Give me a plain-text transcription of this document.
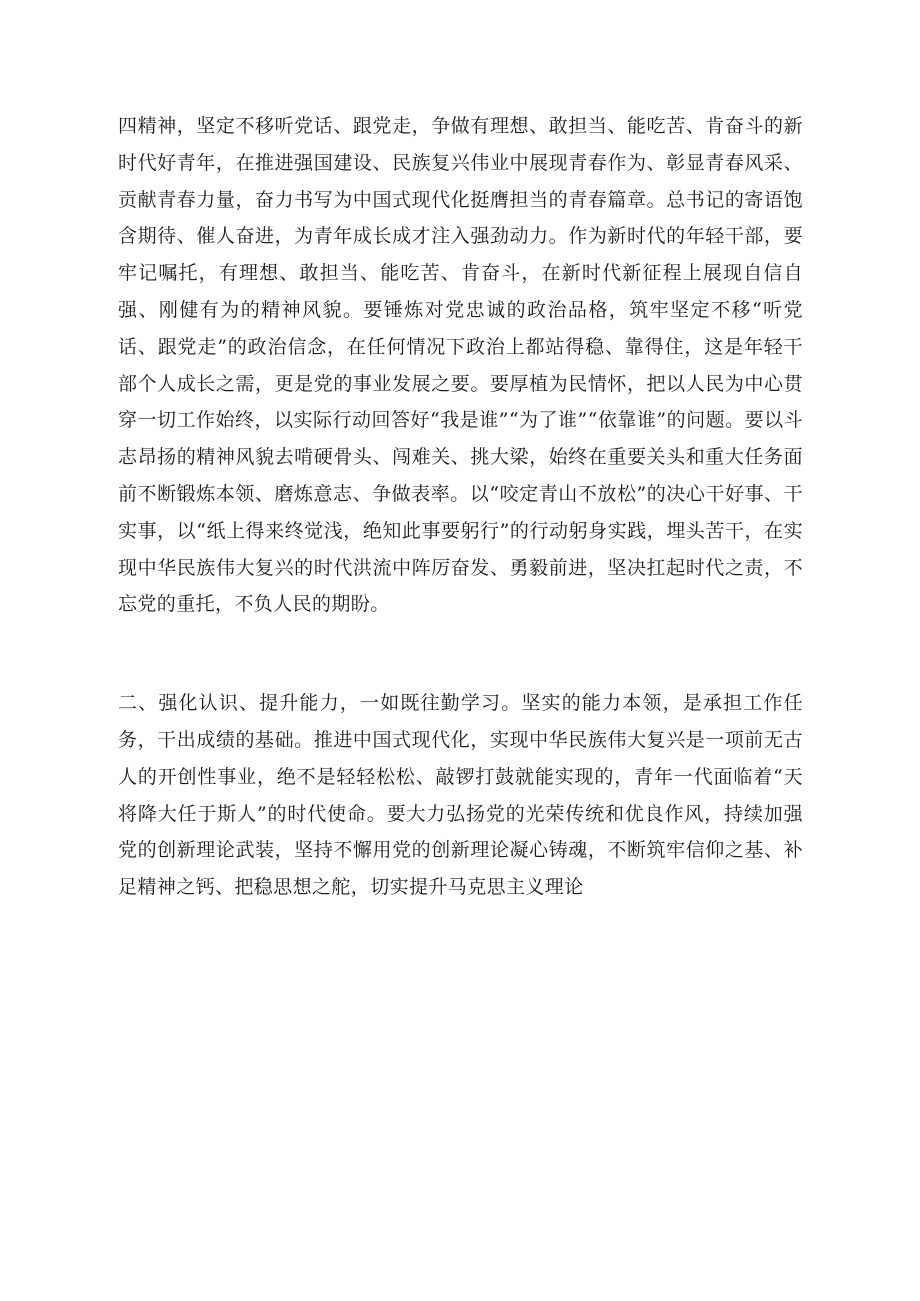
四精神，坚定不移听党话、跟党走，争做有理想、敢担当、能吃苦、肯奋斗的新时代好青年，在推进强国建设、民族复兴伟业中展现青春作为、彰显青春风采、贡献青春力量，奋力书写为中国式现代化挺膺担当的青春篇章。总书记的寄语饱含期待、催人奋进，为青年成长成才注入强劲动力。作为新时代的年轻干部，要牢记嘱托，有理想、敢担当、能吃苦、肯奋斗，在新时代新征程上展现自信自强、刚健有为的精神风貌。要锤炼对党忠诚的政治品格，筑牢坚定不移“听党话、跟党走”的政治信念，在任何情况下政治上都站得稳、靠得住，这是年轻干部个人成长之需，更是党的事业发展之要。要厚植为民情怀，把以人民为中心贯穿一切工作始终，以实际行动回答好“我是谁”“为了谁”“依靠谁”的问题。要以斗志昂扬的精神风貌去啃硬骨头、闯难关、挑大梁，始终在重要关头和重大任务面前不断锻炼本领、磨炼意志、争做表率。以“咬定青山不放松”的决心干好事、干实事，以“纸上得来终觉浅，绝知此事要躬行”的行动躬身实践，埋头苦干，在实现中华民族伟大复兴的时代洪流中阵厉奋发、勇毅前进，坚决扛起时代之责，不忘党的重托，不负人民的期盼。

二、强化认识、提升能力，一如既往勤学习。坚实的能力本领，是承担工作任务，干出成绩的基础。推进中国式现代化，实现中华民族伟大复兴是一项前无古人的开创性事业，绝不是轻轻松松、敲锣打鼓就能实现的，青年一代面临着“天将降大任于斯人”的时代使命。要大力弘扬党的光荣传统和优良作风，持续加强党的创新理论武装，坚持不懈用党的创新理论凝心铸魂，不断筑牢信仰之基、补足精神之钙、把稳思想之舵，切实提升马克思主义理论
